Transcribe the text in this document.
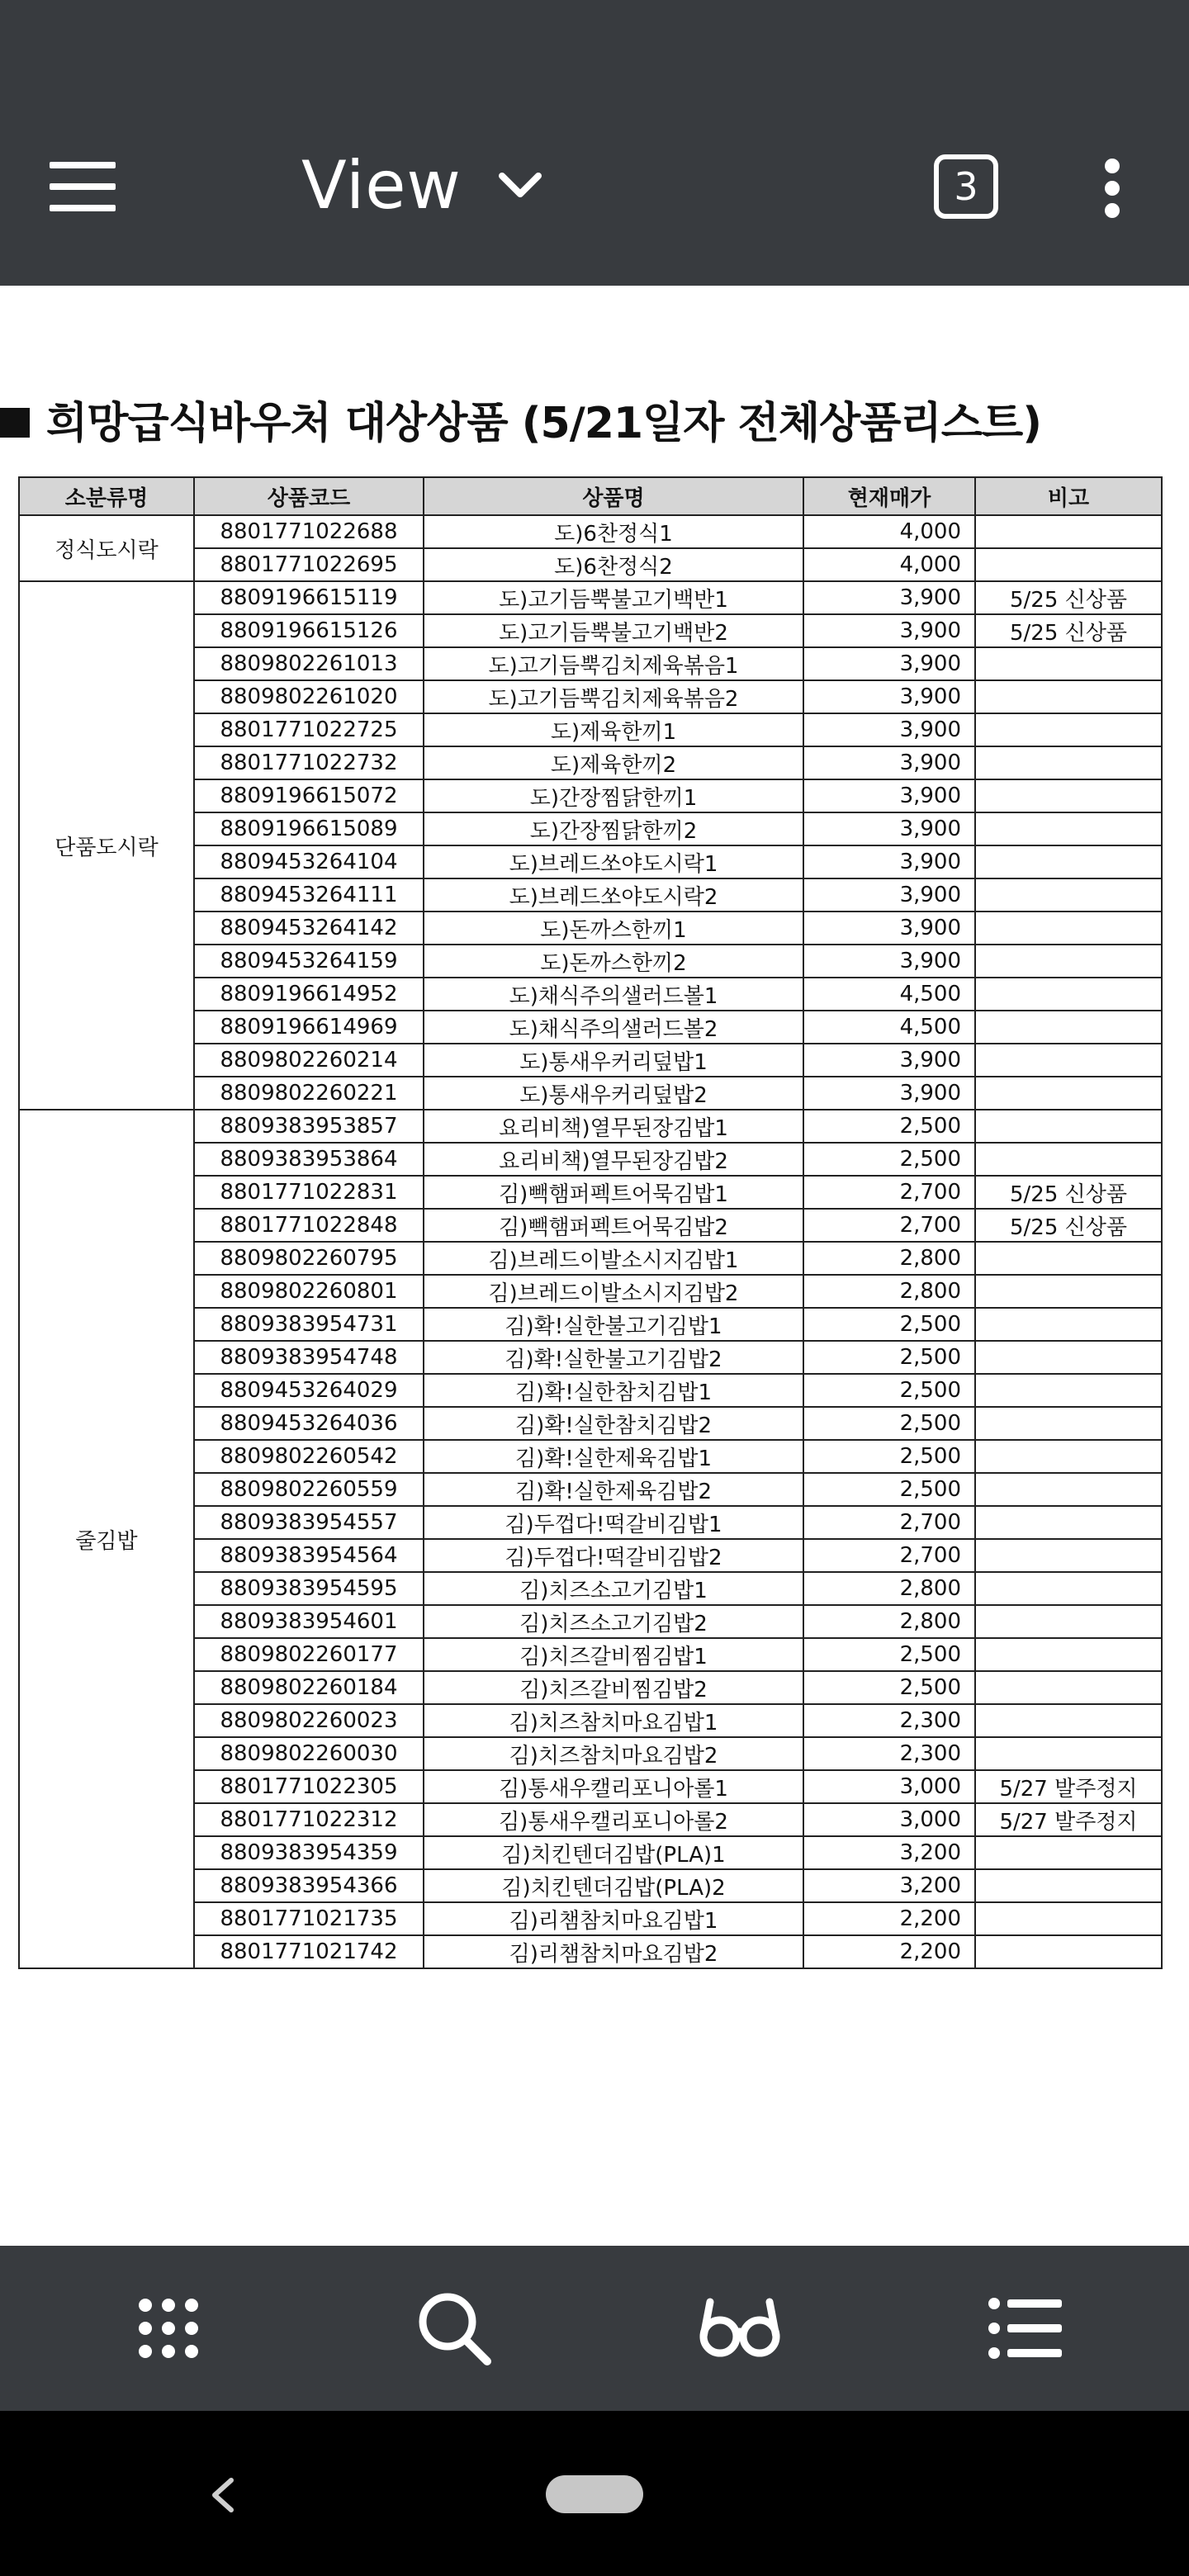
View	3
희망급식바우처 대상상품 (5/21일자 전체상품리스트)
소분류명	상품코드	상품명	현재매가	비고
정식도시락	8801771022688	도)6찬정식1	4,000	
	8801771022695	도)6찬정식2	4,000	
단품도시락	8809196615119	도)고기듬뿍불고기백반1	3,900	5/25 신상품
	8809196615126	도)고기듬뿍불고기백반2	3,900	5/25 신상품
	8809802261013	도)고기듬뿍김치제육볶음1	3,900	
	8809802261020	도)고기듬뿍김치제육볶음2	3,900	
	8801771022725	도)제육한끼1	3,900	
	8801771022732	도)제육한끼2	3,900	
	8809196615072	도)간장찜닭한끼1	3,900	
	8809196615089	도)간장찜닭한끼2	3,900	
	8809453264104	도)브레드쏘야도시락1	3,900	
	8809453264111	도)브레드쏘야도시락2	3,900	
	8809453264142	도)돈까스한끼1	3,900	
	8809453264159	도)돈까스한끼2	3,900	
	8809196614952	도)채식주의샐러드볼1	4,500	
	8809196614969	도)채식주의샐러드볼2	4,500	
	8809802260214	도)통새우커리덮밥1	3,900	
	8809802260221	도)통새우커리덮밥2	3,900	
줄김밥	8809383953857	요리비책)열무된장김밥1	2,500	
	8809383953864	요리비책)열무된장김밥2	2,500	
	8801771022831	김)빽햄퍼펙트어묵김밥1	2,700	5/25 신상품
	8801771022848	김)빽햄퍼펙트어묵김밥2	2,700	5/25 신상품
	8809802260795	김)브레드이발소시지김밥1	2,800	
	8809802260801	김)브레드이발소시지김밥2	2,800	
	8809383954731	김)확!실한불고기김밥1	2,500	
	8809383954748	김)확!실한불고기김밥2	2,500	
	8809453264029	김)확!실한참치김밥1	2,500	
	8809453264036	김)확!실한참치김밥2	2,500	
	8809802260542	김)확!실한제육김밥1	2,500	
	8809802260559	김)확!실한제육김밥2	2,500	
	8809383954557	김)두껍다!떡갈비김밥1	2,700	
	8809383954564	김)두껍다!떡갈비김밥2	2,700	
	8809383954595	김)치즈소고기김밥1	2,800	
	8809383954601	김)치즈소고기김밥2	2,800	
	8809802260177	김)치즈갈비찜김밥1	2,500	
	8809802260184	김)치즈갈비찜김밥2	2,500	
	8809802260023	김)치즈참치마요김밥1	2,300	
	8809802260030	김)치즈참치마요김밥2	2,300	
	8801771022305	김)통새우캘리포니아롤1	3,000	5/27 발주정지
	8801771022312	김)통새우캘리포니아롤2	3,000	5/27 발주정지
	8809383954359	김)치킨텐더김밥(PLA)1	3,200	
	8809383954366	김)치킨텐더김밥(PLA)2	3,200	
	8801771021735	김)리챔참치마요김밥1	2,200	
	8801771021742	김)리챔참치마요김밥2	2,200	
